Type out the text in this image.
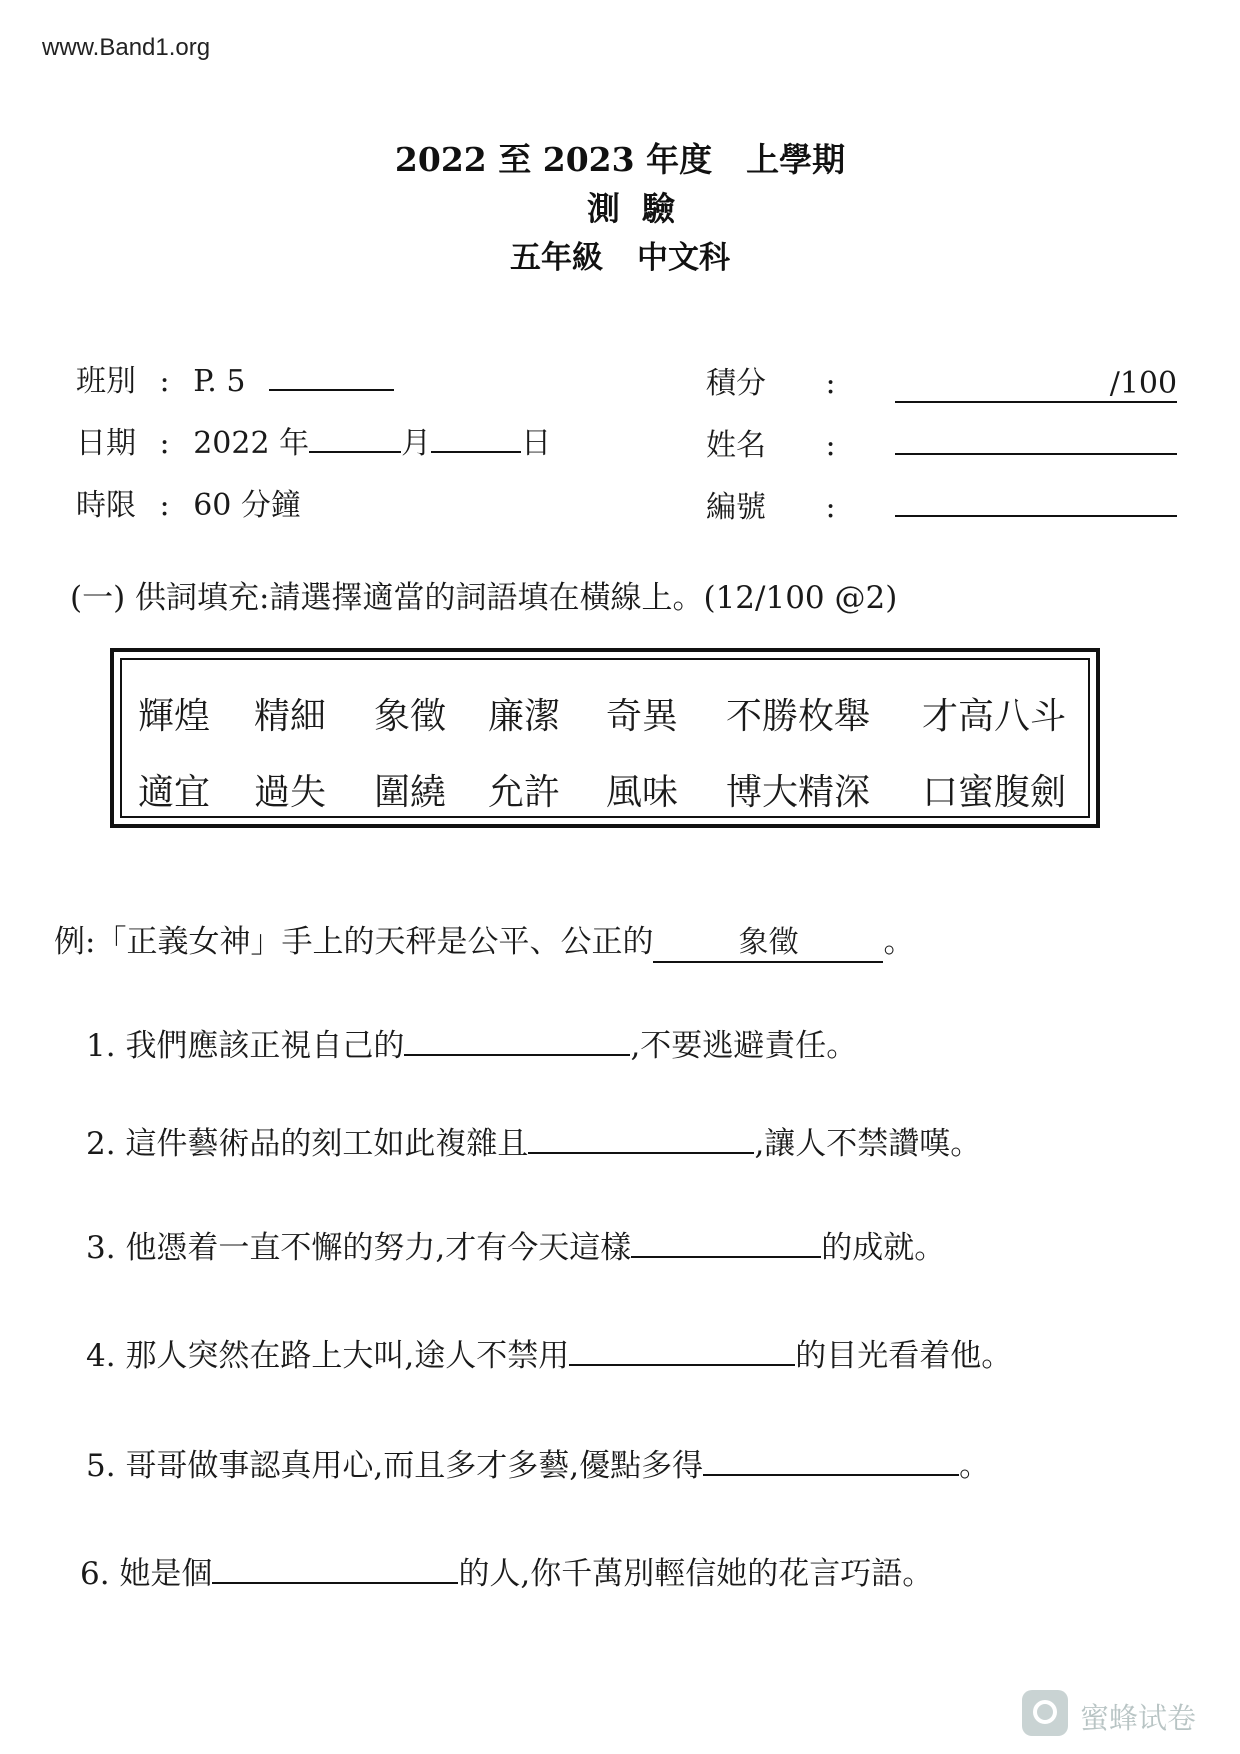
www.Band1.org
2022 至 2023 年度 上學期
測驗
五年級 中文科
班別 : P. 5
日期 : 2022 年	月	日
時限 : 60 分鐘
積分 :	/100
姓名 :
編號 :
(一) 供詞填充:請選擇適當的詞語填在橫線上。(12/100 @2)
輝煌 精細 象徵 廉潔 奇異 不勝枚舉 才高八斗
適宜 過失 圍繞 允許 風味 博大精深 口蜜腹劍
例:「正義女神」手上的天秤是公平、公正的	象徵	。
1. 我們應該正視自己的	,不要逃避責任。
2. 這件藝術品的刻工如此複雜且	,讓人不禁讚嘆。
3. 他憑着一直不懈的努力,才有今天這樣	的成就。
4. 那人突然在路上大叫,途人不禁用	的目光看着他。
5. 哥哥做事認真用心,而且多才多藝,優點多得	。
6. 她是個	的人,你千萬別輕信她的花言巧語。
蜜蜂试卷
